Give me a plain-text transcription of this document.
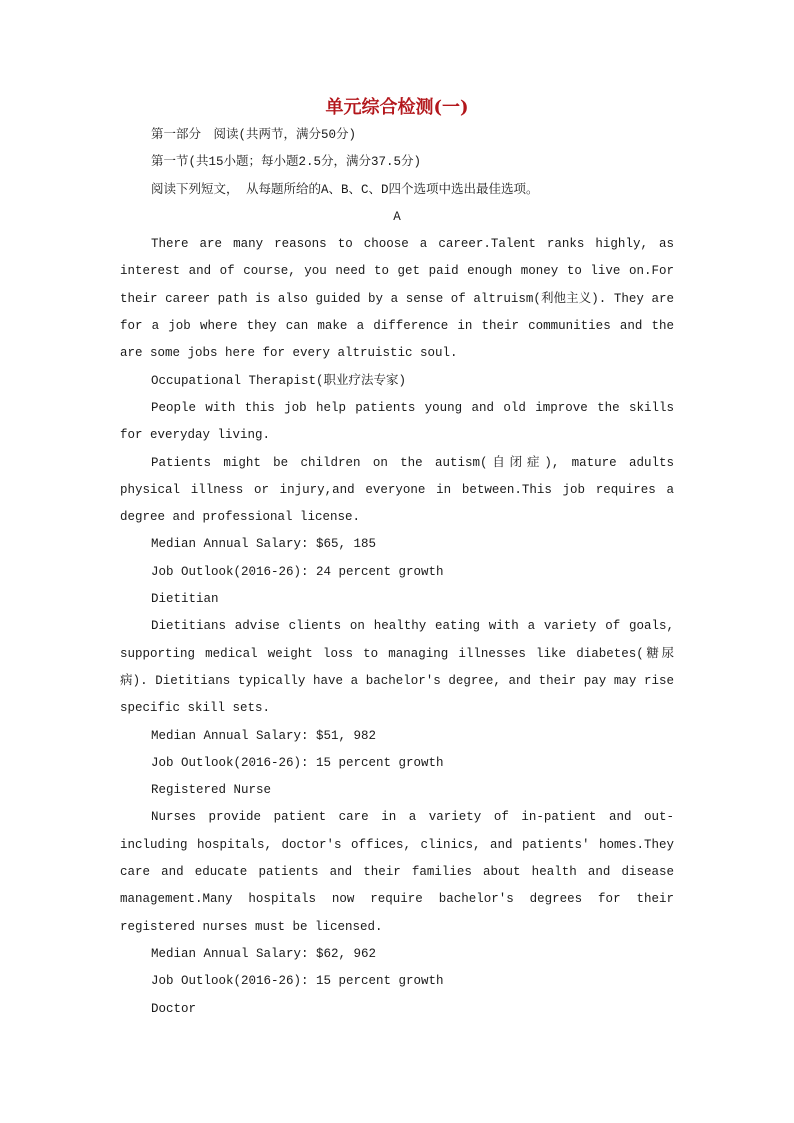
单元综合检测(一)
第一部分　阅读(共两节，满分50分)
第一节(共15小题；每小题2.5分，满分37.5分)
阅读下列短文， 从每题所给的A、B、C、D四个选项中选出最佳选项。
A
There are many reasons to choose a career.Talent ranks highly, as
interest and of course, you need to get paid enough money to live on.For
their career path is also guided by a sense of altruism(利他主义). They are
for a job where they can make a difference in their communities and the
are some jobs here for every altruistic soul.
Occupational Therapist(职业疗法专家)
People with this job help patients young and old improve the skills
for everyday living.
Patients might be children on the autism(自闭症), mature adults
physical illness or injury,and everyone in between.This job requires a
degree and professional license.
Median Annual Salary: $65, 185
Job Outlook(2016-26): 24 percent growth
Dietitian
Dietitians advise clients on healthy eating with a variety of goals,
supporting medical weight loss to managing illnesses like diabetes(糖尿
病). Dietitians typically have a bachelor's degree, and their pay may rise
specific skill sets.
Median Annual Salary: $51, 982
Job Outlook(2016-26): 15 percent growth
Registered Nurse
Nurses provide patient care in a variety of in-patient and out-
including hospitals, doctor's offices, clinics, and patients' homes.They
care and educate patients and their families about health and disease
management.Many hospitals now require bachelor's degrees for their
registered nurses must be licensed.
Median Annual Salary: $62, 962
Job Outlook(2016-26): 15 percent growth
Doctor
